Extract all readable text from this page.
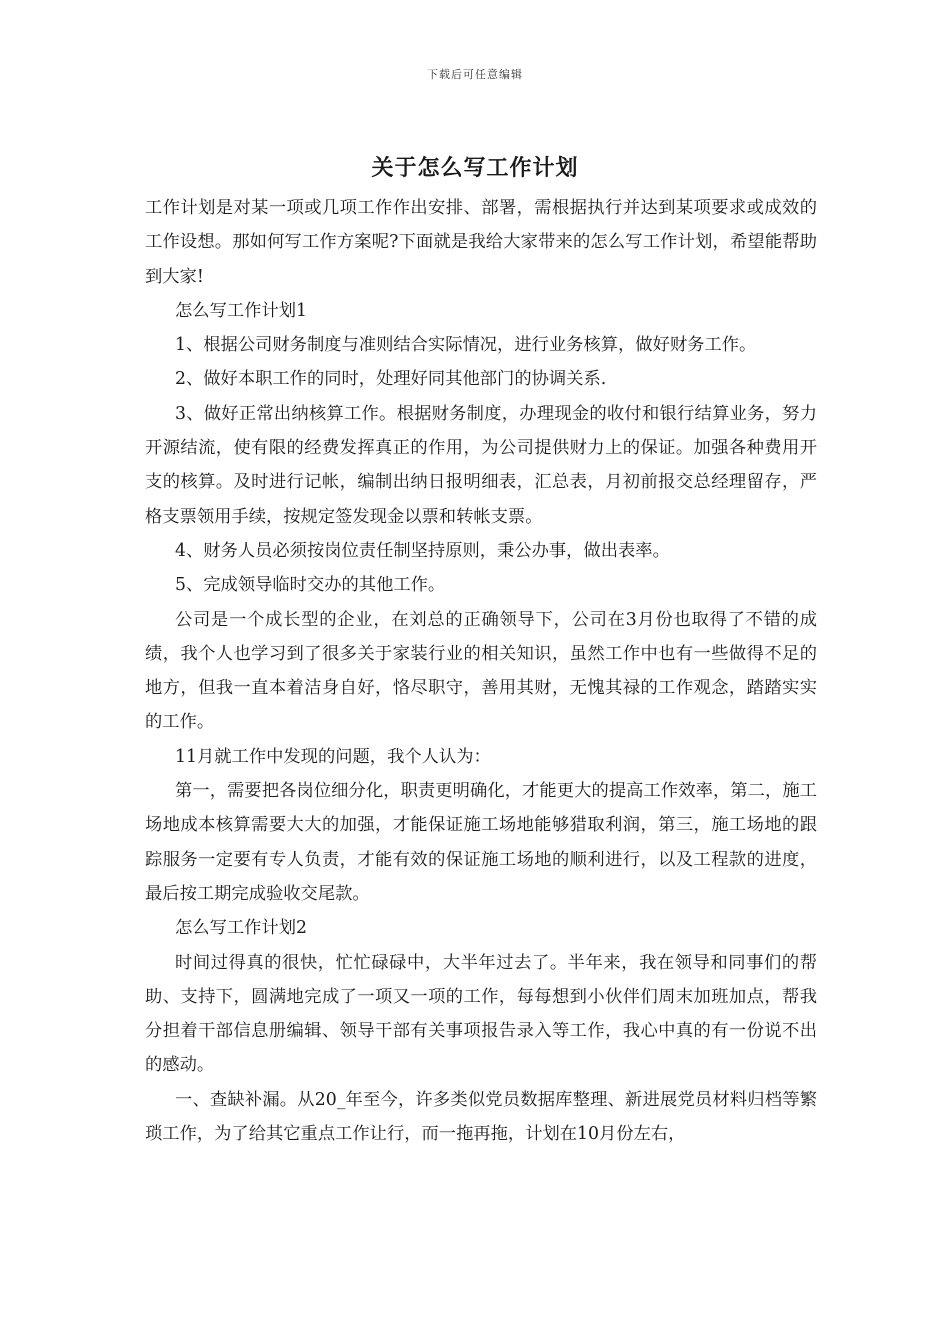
下载后可任意编辑
关于怎么写工作计划

工作计划是对某一项或几项工作作出安排、部署，需根据执行并达到某项要求或成效的工作设想。那如何写工作方案呢?下面就是我给大家带来的怎么写工作计划，希望能帮助到大家!

怎么写工作计划1

1、根据公司财务制度与准则结合实际情况，进行业务核算，做好财务工作。

2、做好本职工作的同时，处理好同其他部门的协调关系.

3、做好正常出纳核算工作。根据财务制度，办理现金的收付和银行结算业务，努力开源结流，使有限的经费发挥真正的作用，为公司提供财力上的保证。加强各种费用开支的核算。及时进行记帐，编制出纳日报明细表，汇总表，月初前报交总经理留存，严格支票领用手续，按规定签发现金以票和转帐支票。

4、财务人员必须按岗位责任制坚持原则，秉公办事，做出表率。

5、完成领导临时交办的其他工作。

公司是一个成长型的企业，在刘总的正确领导下，公司在3月份也取得了不错的成绩，我个人也学习到了很多关于家装行业的相关知识，虽然工作中也有一些做得不足的地方，但我一直本着洁身自好，恪尽职守，善用其财，无愧其禄的工作观念，踏踏实实的工作。

11月就工作中发现的问题，我个人认为：

第一，需要把各岗位细分化，职责更明确化，才能更大的提高工作效率，第二，施工场地成本核算需要大大的加强，才能保证施工场地能够猎取利润，第三，施工场地的跟踪服务一定要有专人负责，才能有效的保证施工场地的顺利进行，以及工程款的进度，最后按工期完成验收交尾款。

怎么写工作计划2

时间过得真的很快，忙忙碌碌中，大半年过去了。半年来，我在领导和同事们的帮助、支持下，圆满地完成了一项又一项的工作，每每想到小伙伴们周末加班加点，帮我分担着干部信息册编辑、领导干部有关事项报告录入等工作，我心中真的有一份说不出的感动。

一、查缺补漏。从20_年至今，许多类似党员数据库整理、新进展党员材料归档等繁琐工作，为了给其它重点工作让行，而一拖再拖，计划在10月份左右，
